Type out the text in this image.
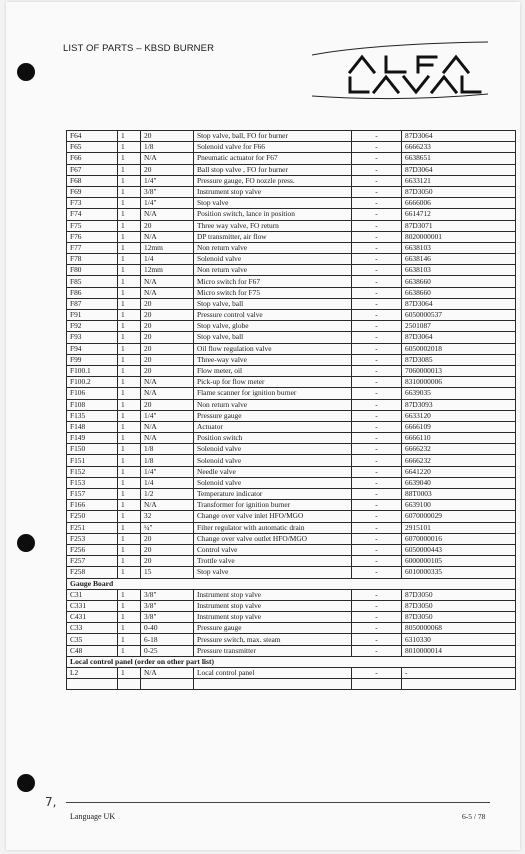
LIST OF PARTS – KBSD BURNER
F64	1	20	Stop valve, ball, FO for burner	-	87D3064
F65	1	1/8	Solenoid valve for F66	-	6666233
F66	1	N/A	Pneumatic actuator for F67	-	6638651
F67	1	20	Ball stop valve , FO for burner	-	87D3064
F68	1	1/4"	Pressure gauge, FO nozzle press.	-	6633121
F69	1	3/8"	Instrument stop valve	-	87D3050
F73	1	1/4"	Stop valve	-	6666006
F74	1	N/A	Position switch, lance in position	-	6614712
F75	1	20	Three way valve, FO return	-	87D3071
F76	1	N/A	DP transmitter, air flow	-	8020000001
F77	1	12mm	Non return valve	-	6638103
F78	1	1/4	Solenoid valve	-	6638146
F80	1	12mm	Non return valve	-	6638103
F85	1	N/A	Micro switch for F67	-	6638660
F86	1	N/A	Micro switch for F75	-	6638660
F87	1	20	Stop valve, ball	-	87D3064
F91	1	20	Pressure control valve	-	6050000537
F92	1	20	Stop valve, globe	-	2501087
F93	1	20	Stop valve, ball	-	87D3064
F94	1	20	Oil flow regulation valve	-	6050002018
F99	1	20	Three-way valve	-	87D3085
F100.1	1	20	Flow meter, oil	-	7060000013
F100.2	1	N/A	Pick-up for flow meter	-	8310000006
F106	1	N/A	Flame scanner for ignition burner	-	6639035
F108	1	20	Non return valve	-	87D3093
F135	1	1/4"	Pressure gauge	-	6633120
F148	1	N/A	Actuator	-	6666109
F149	1	N/A	Position switch	-	6666110
F150	1	1/8	Solenoid valve	-	6666232
F151	1	1/8	Solenoid valve	-	6666232
F152	1	1/4"	Needle valve	-	6641220
F153	1	1/4	Solenoid valve	-	6639040
F157	1	1/2	Temperature indicator	-	88T0003
F166	1	N/A	Transformer for ignition burner	-	6639100
F250	1	32	Change over valve inlet HFO/MGO	-	6070000029
F251	1	¼"	Filter regulator with automatic drain	-	2915101
F253	1	20	Change over valve outlet HFO/MGO	-	6070000016
F256	1	20	Control valve	-	6050000443
F257	1	20	Trottle valve	-	6000000105
F258	1	15	Stop valve	-	6010000335
Gauge Board					
C31	1	3/8"	Instrument stop valve	-	87D3050
C331	1	3/8"	Instrument stop valve	-	87D3050
C431	1	3/8"	Instrument stop valve	-	87D3050
C33	1	0-40	Pressure gauge	-	8050000068
C35	1	6-18	Pressure switch, max. steam	-	6310330
C48	1	0-25	Pressure transmitter	-	8010000014
Local control panel (order on other part list)					
L2	1	N/A	Local control panel	-	-

7,
Language UK	6-5 / 78
